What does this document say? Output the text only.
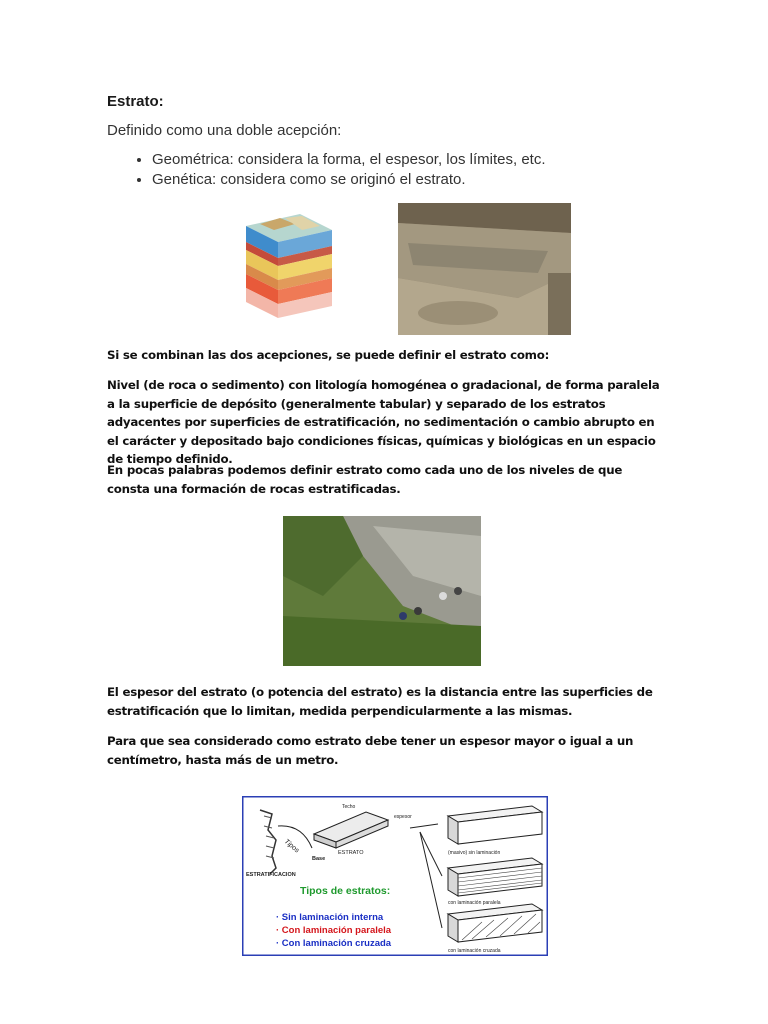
Estrato:
Definido como una doble acepción:
• Geométrica: considera la forma, el espesor, los límites, etc.
• Genética: considera como se originó el estrato.
Si se combinan las dos acepciones, se puede definir el estrato como:
Nivel (de roca o sedimento) con litología homogénea o gradacional, de forma paralela a la superficie de depósito (generalmente tabular) y separado de los estratos adyacentes por superficies de estratificación, no sedimentación o cambio abrupto en el carácter y depositado bajo condiciones físicas, químicas y biológicas en un espacio de tiempo definido.
En pocas palabras podemos definir estrato como cada uno de los niveles de que consta una formación de rocas estratificadas.
El espesor del estrato (o potencia del estrato) es la distancia entre las superficies de estratificación que lo limitan, medida perpendicularmente a las mismas.
Para que sea considerado como estrato debe tener un espesor mayor o igual a un centímetro, hasta más de un metro.
ESTRATIFICACION
Tipos
Techo
espesor
Base
ESTRATO	(masivo) sin laminación
con laminación paralela
con laminación cruzada
Tipos de estratos:
· Sin laminación interna
· Con laminación paralela
· Con laminación cruzada
